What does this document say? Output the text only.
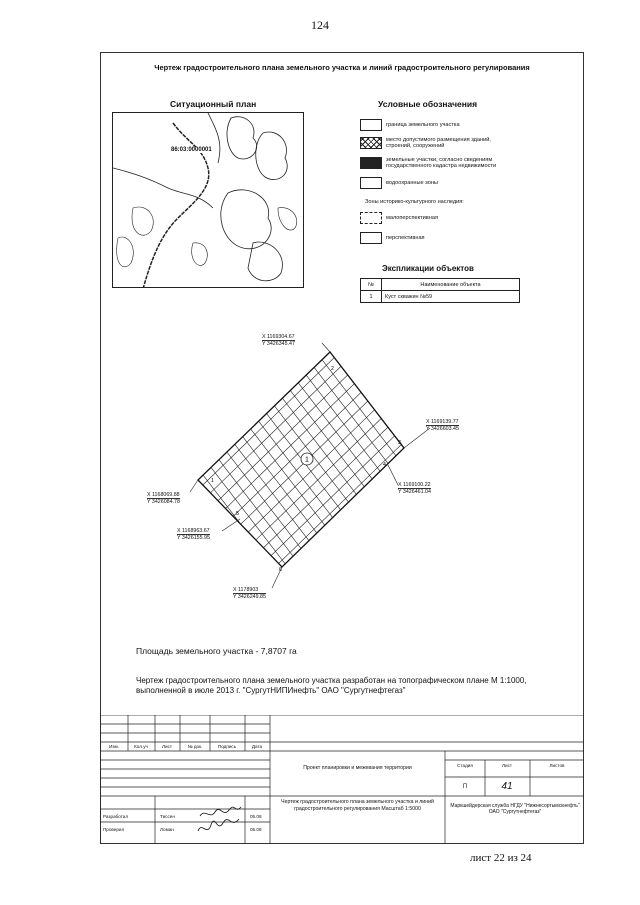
124
Чертеж градостроительного плана земельного участка и линий градостроительного регулирования
Ситуационный план
86:03:0000001
Условные обозначения
граница земельного участка
место допустимого размещения зданий, строений, сооружений
земельные участки, согласно сведениям государственного кадастра недвижимости
водоохранные зоны
Зоны историко-культурного наследия:
малоперспективная
перспективная
Экспликации объектов
№	Наименование объекта
1	Куст скважин №59
1
1
2
3
4
5
6
X 1169304.67
Y 3426345.47
X 1169139.77
Y 3426603.45
X 1169100.22
Y 3426461.04
X 1168069.88
Y 3426084.78
X 1168963.67
Y 3426155.95
X 1178903
Y 3426249.85
Площадь земельного участка - 7,8707 га
Чертеж градостроительного плана земельного участка разработан на топографическом плане М 1:1000, выполненной в июле 2013 г. "СургутНИПИнефть" ОАО "Сургутнефтегаз"
Изм.	Кол.уч	Лист	№ док.	Подпись	Дата
Стадия	Лист	Листов
П	41
Разработал	Тиссен	05.08
Проверил	Ломан	05.08
Проект планировки и межевания территории
Чертеж градостроительного плана земельного участка и линий градостроительного регулирования Масштаб 1:5000	Маркшейдерская служба НГДУ "Нижнесортымскнефть" ОАО "Сургутнефтегаз"
лист 22 из 24
